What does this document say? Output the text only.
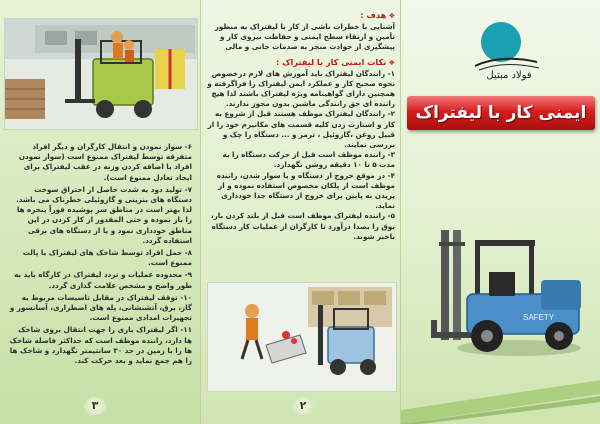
۶- سوار نمودن و انتقال کارگران و دیگر افراد متفرقه توسط لیفتراک ممنوع است (سوار نمودن افراد یا اضافه کردن وزنه در عقب لیفتراک برای ایجاد تعادل ممنوع است).

۷- تولید دود به شدت حاصل از احتراق سوخت دستگاه های بنزینی و گازوئیلی خطرناک می باشد. لذا بهتر است در مناطق سر پوشیده فوراً پنجره ها را باز نموده و حتی المقدور از کار کردن در این مناطق خودداری نمود و یا از دستگاه های برقی استفاده گردد.

۸- حمل افراد توسط شاخک های لیفتراک یا پالت ممنوع است.

۹- محدوده عملیات و تردد لیفتراک در کارگاه باید به طور واضح و مشخص علامت گذاری گردد.

۱۰- توقف لیفتراک در مقابل تاسیسات مربوط به گاز، برق، آتشنشانی، پله های اضطراری، آسانسور و تجهیزات امدادی ممنوع است.

۱۱- اگر لیفتراک باری را جهت انتقال بروی شاخک ها دارد، راننده موظف است که حداکثر فاصله شاخک ها را با زمین در حد ۳۰ سانتیمتر نگهدارد و شاخک ها را هم جمع نماید و بعد حرکت کند.

۳

❖ هدف :

آشنایی با خطرات ناشی از کار با لیفتراک به منظور تأمین و ارتقاء سطح ایمنی و حفاظت نیروی کار و پیشگیری از حوادث منجر به صدمات جانی و مالی

❖ نکات ایمنی کار با لیفتراک :

۱- رانندگان لیفتراک باید آموزش های لازم درخصوص نحوه صحیح کار و عملکرد ایمن لیفتراک را فراگرفته و همچنین دارای گواهینامه ویژه لیفتراک باشند لذا هیچ راننده ای حق رانندگی ماشین بدون مجوز ندارند.

۲- رانندگان لیفتراک موظف هستند قبل از شروع به کار و استارت زدن کلیه قسمت های مکانیزم خود را از قبیل روغن ،گازوئیل ، ترمز و ... دستگاه را چک و بررسی نمایند.

۳- راننده موظف است قبل از حرکت دستگاه را به مدت ۵ تا ۱۰ دقیقه روشن نگهدارد.

۴- در موقع خروج از دستگاه و یا سوار شدن، راننده موظف است از پلکان مخصوص استفاده نموده و از پریدن به پایین برای خروج از دستگاه جدا خودداری نماید.

۵- راننده لیفتراک موظف است قبل از بلند کردن بار، بوق را بصدا درآورد تا کارگران از عملیات کار دستگاه باخبر شوند.

۲
فولاد مبتیل
ایمنی کار با لیفتراک
SAFETY
